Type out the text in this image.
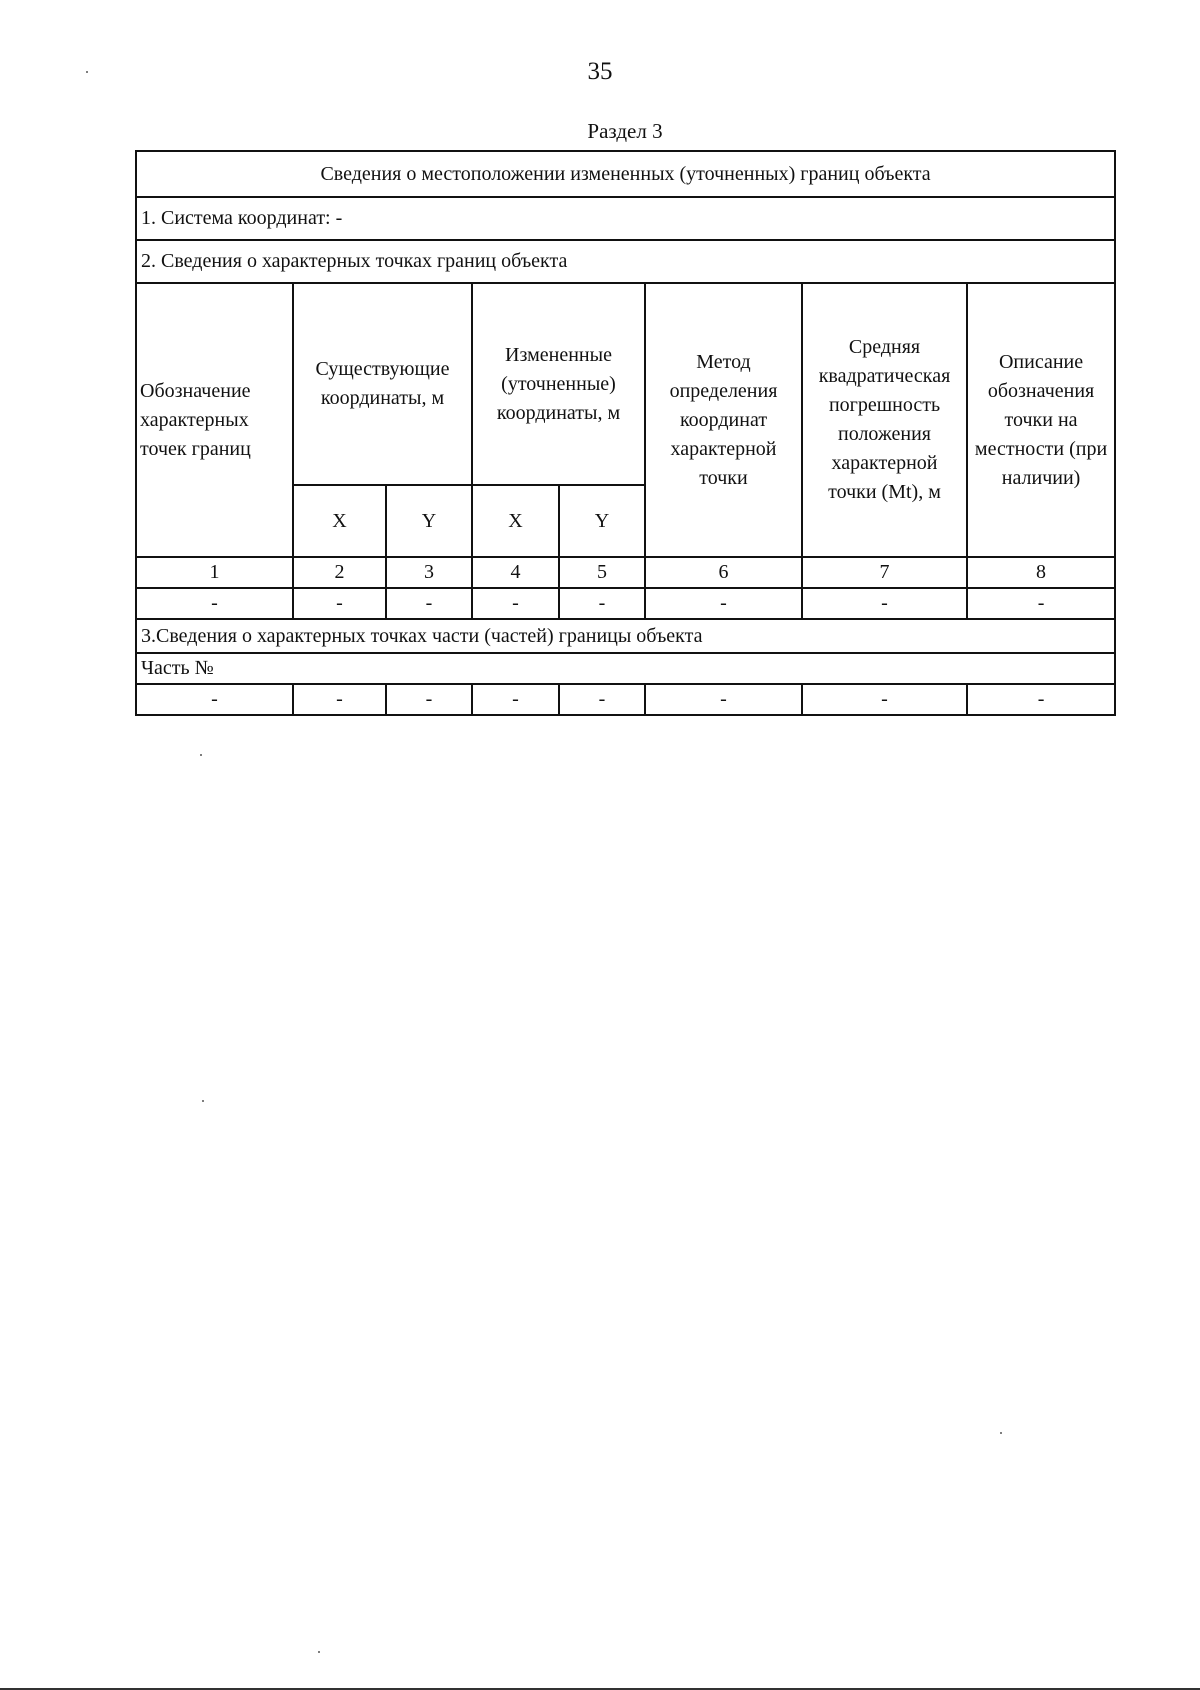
35
Раздел 3
Сведения о местоположении измененных (уточненных) границ объекта							
1. Система координат: -							
2. Сведения о характерных точках границ объекта							
Обозначение характерных точек границ	Существующие координаты, м		Измененные (уточненные) координаты, м		Метод определения координат характерной точки	Средняя квадратическая погрешность положения характерной точки (Mt), м	Описание обозначения точки на местности (при наличии)
	X	Y	X	Y			
1	2	3	4	5	6	7	8
-	-	-	-	-	-	-	-
3.Сведения о характерных точках части (частей) границы объекта							
Часть №							
-	-	-	-	-	-	-	-
